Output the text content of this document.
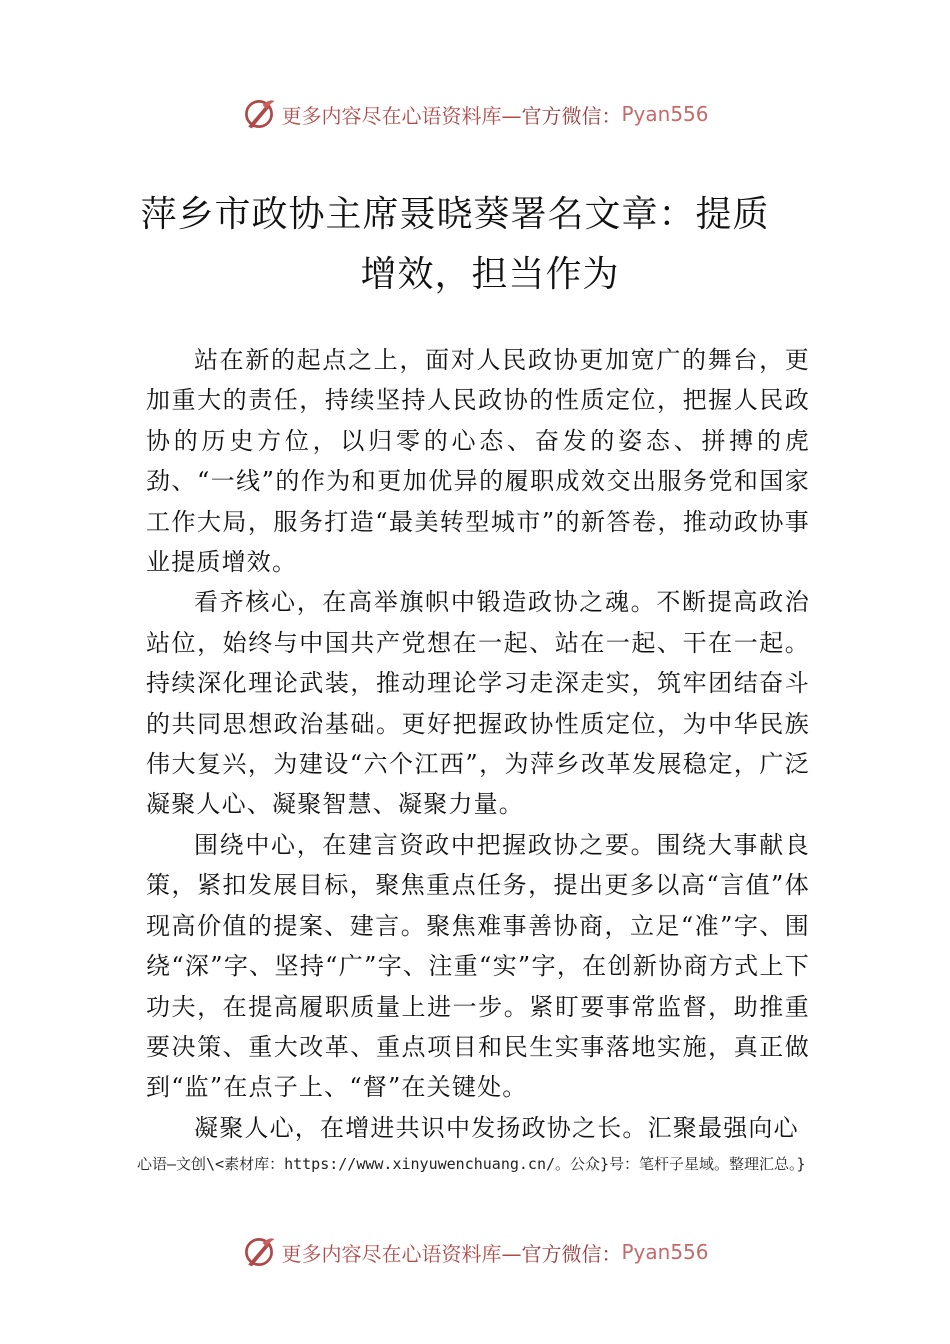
更多内容尽在心语资料库— 官方微信： Pyan556
萍乡市政协主席聂晓葵署名文章：提质
增效，担当作为

站在新的起点之上，面对人民政协更加宽广的舞台，更加重大的责任，持续坚持人民政协的性质定位，把握人民政协的历史方位，以归零的心态、奋发的姿态、拼搏的虎劲、“一线”的作为和更加优异的履职成效交出服务党和国家工作大局，服务打造“最美转型城市”的新答卷，推动政协事业提质增效。

看齐核心，在高举旗帜中锻造政协之魂。不断提高政治站位，始终与中国共产党想在一起、站在一起、干在一起。 持续深化理论武装，推动理论学习走深走实，筑牢团结奋斗的共同思想政治基础。更好把握政协性质定位，为中华民族伟大复兴，为建设“六个江西”，为萍乡改革发展稳定，广泛凝聚人心、凝聚智慧、凝聚力量。

围绕中心，在建言资政中把握政协之要。围绕大事献良策，紧扣发展目标，聚焦重点任务，提出更多以高“言值”体现高价值的提案、建言。聚焦难事善协商，立足“准”字、围绕“深”字、坚持“广”字、注重“实”字，在创新协商方式上下功夫，在提高履职质量上进一步。紧盯要事常监督，助推重要决策、重大改革、重点项目和民生实事落地实施，真正做到“监”在点子上、“督”在关键处。

凝聚人心，在增进共识中发扬政协之长。汇聚最强向心

心语—文创\<素材库：https://www.xinyuwenchuang.cn/。公众}号：笔杆子星域。整理汇总。}
更多内容尽在心语资料库— 官方微信： Pyan556
